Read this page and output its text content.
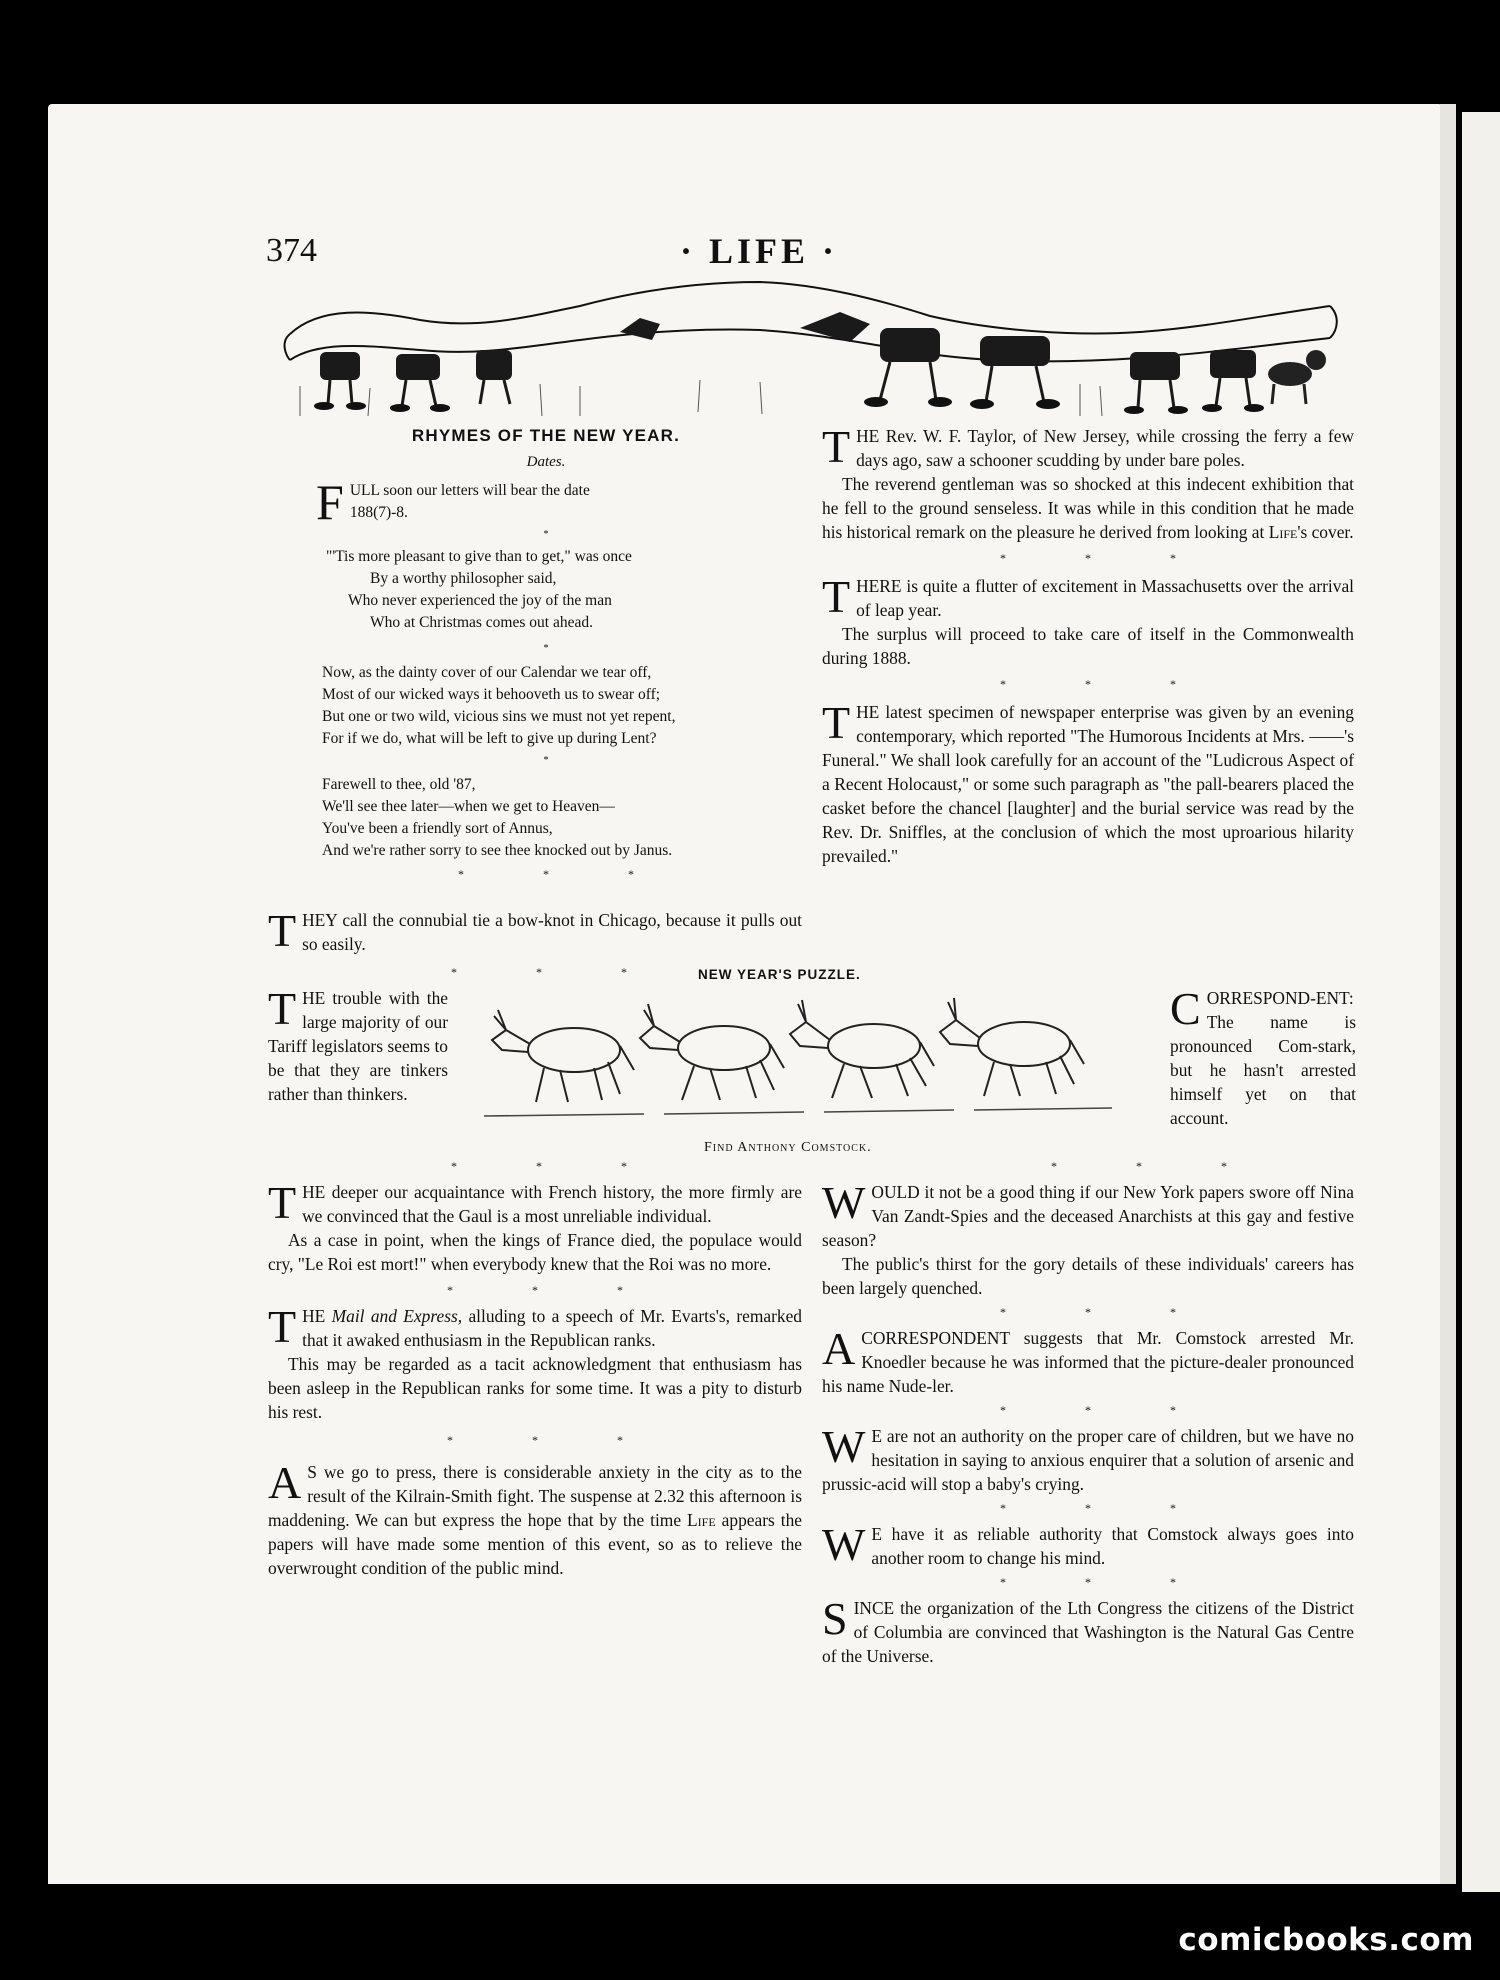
374	· LIFE ·
RHYMES OF THE NEW YEAR.
Dates.
F ULL soon our letters will bear the date
188(7)-8.
*
"'Tis more pleasant to give than to get," was once
By a worthy philosopher said,
Who never experienced the joy of the man
Who at Christmas comes out ahead.
*
Now, as the dainty cover of our Calendar we tear off,
Most of our wicked ways it behooveth us to swear off;
But one or two wild, vicious sins we must not yet repent,
For if we do, what will be left to give up during Lent?
*
Farewell to thee, old '87,
We'll see thee later—when we get to Heaven—
You've been a friendly sort of Annus,
And we're rather sorry to see thee knocked out by Janus.
* * *

THEY call the connubial tie a bow-knot in Chicago, because it pulls out so easily.

* * *

THE trouble with the large majority of our Tariff legislators seems to be that they are tinkers rather than thinkers.

NEW YEAR'S PUZZLE.
Find Anthony Comstock.

CORRESPOND-ENT: The name is pronounced Com-stark, but he hasn't arrested himself yet on that account.

* * *	* * *

THE deeper our acquaintance with French history, the more firmly are we convinced that the Gaul is a most unreliable individual.

As a case in point, when the kings of France died, the populace would cry, "Le Roi est mort!" when everybody knew that the Roi was no more.

* * *

THE Mail and Express, alluding to a speech of Mr. Evarts's, remarked that it awaked enthusiasm in the Republican ranks.

This may be regarded as a tacit acknowledgment that enthusiasm has been asleep in the Republican ranks for some time. It was a pity to disturb his rest.

* * *

A S we go to press, there is considerable anxiety in the city as to the result of the Kilrain-Smith fight. The suspense at 2.32 this afternoon is maddening. We can but express the hope that by the time Life appears the papers will have made some mention of this event, so as to relieve the overwrought condition of the public mind.

THE Rev. W. F. Taylor, of New Jersey, while crossing the ferry a few days ago, saw a schooner scudding by under bare poles.

The reverend gentleman was so shocked at this indecent exhibition that he fell to the ground senseless. It was while in this condition that he made his historical remark on the pleasure he derived from looking at Life's cover.

* * *

THERE is quite a flutter of excitement in Massachusetts over the arrival of leap year.

The surplus will proceed to take care of itself in the Commonwealth during 1888.

* * *

THE latest specimen of newspaper enterprise was given by an evening contemporary, which reported "The Humorous Incidents at Mrs. ——'s Funeral." We shall look carefully for an account of the "Ludicrous Aspect of a Recent Holocaust," or some such paragraph as "the pall-bearers placed the casket before the chancel [laughter] and the burial service was read by the Rev. Dr. Sniffles, at the conclusion of which the most uproarious hilarity prevailed."

WOULD it not be a good thing if our New York papers swore off Nina Van Zandt-Spies and the deceased Anarchists at this gay and festive season?

The public's thirst for the gory details of these individuals' careers has been largely quenched.

* * *

ACORRESPONDENT suggests that Mr. Comstock arrested Mr. Knoedler because he was informed that the picture-dealer pronounced his name Nude-ler.

* * *

W E are not an authority on the proper care of children, but we have no hesitation in saying to anxious enquirer that a solution of arsenic and prussic-acid will stop a baby's crying.

* * *

W E have it as reliable authority that Comstock always goes into another room to change his mind.

* * *

SINCE the organization of the Lth Congress the citizens of the District of Columbia are convinced that Washington is the Natural Gas Centre of the Universe.

comicbooks.com
